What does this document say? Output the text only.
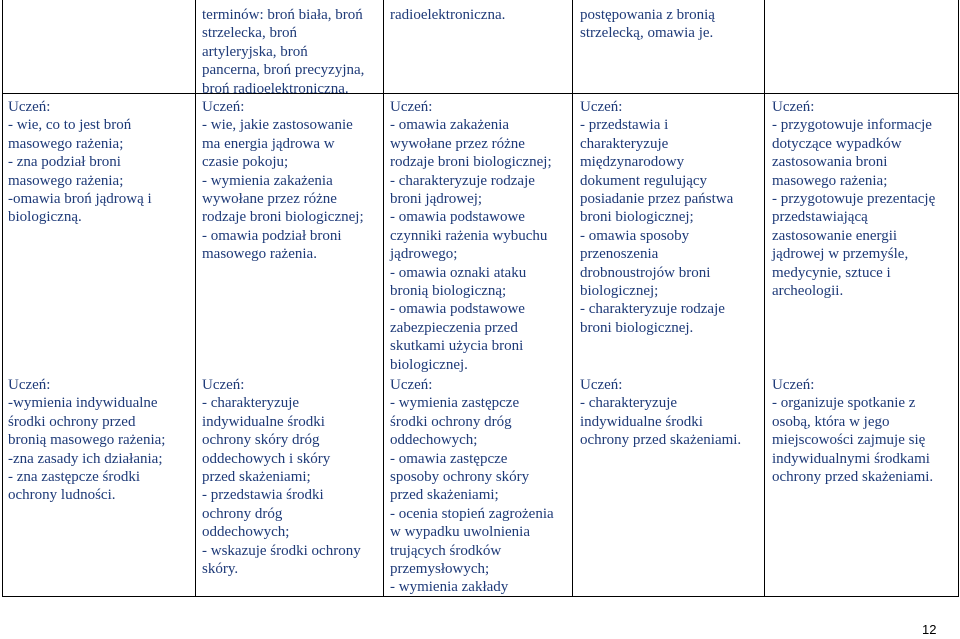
terminów: broń biała, broń
strzelecka, broń
artyleryjska, broń
pancerna, broń precyzyjna,
broń radioelektroniczna.
radioelektroniczna.	postępowania z bronią
strzelecką, omawia je.
Uczeń:
- wie, co to jest broń
masowego rażenia;
- zna podział broni
masowego rażenia;
-omawia broń jądrową i
biologiczną.
Uczeń:
- wie, jakie zastosowanie
ma energia jądrowa w
czasie pokoju;
- wymienia zakażenia
wywołane przez różne
rodzaje broni biologicznej;
- omawia podział broni
masowego rażenia.
Uczeń:
- omawia zakażenia
wywołane przez różne
rodzaje broni biologicznej;
- charakteryzuje rodzaje
broni jądrowej;
- omawia podstawowe
czynniki rażenia wybuchu
jądrowego;
- omawia oznaki ataku
bronią biologiczną;
- omawia podstawowe
zabezpieczenia przed
skutkami użycia broni
biologicznej.
Uczeń:
- przedstawia i
charakteryzuje
międzynarodowy
dokument regulujący
posiadanie przez państwa
broni biologicznej;
- omawia sposoby
przenoszenia
drobnoustrojów broni
biologicznej;
- charakteryzuje rodzaje
broni biologicznej.
Uczeń:
- przygotowuje informacje
dotyczące wypadków
zastosowania broni
masowego rażenia;
- przygotowuje prezentację
przedstawiającą
zastosowanie energii
jądrowej w przemyśle,
medycynie, sztuce i
archeologii.
Uczeń:
-wymienia indywidualne
środki ochrony przed
bronią masowego rażenia;
-zna zasady ich działania;
- zna zastępcze środki
ochrony ludności.
Uczeń:
- charakteryzuje
indywidualne środki
ochrony skóry dróg
oddechowych i skóry
przed skażeniami;
- przedstawia środki
ochrony dróg
oddechowych;
- wskazuje środki ochrony
skóry.
Uczeń:
- wymienia zastępcze
środki ochrony dróg
oddechowych;
- omawia zastępcze
sposoby ochrony skóry
przed skażeniami;
- ocenia stopień zagrożenia
w wypadku uwolnienia
trujących środków
przemysłowych;
- wymienia zakłady
Uczeń:
- charakteryzuje
indywidualne środki
ochrony przed skażeniami.
Uczeń:
- organizuje spotkanie z
osobą, która w jego
miejscowości zajmuje się
indywidualnymi środkami
ochrony przed skażeniami.
12
